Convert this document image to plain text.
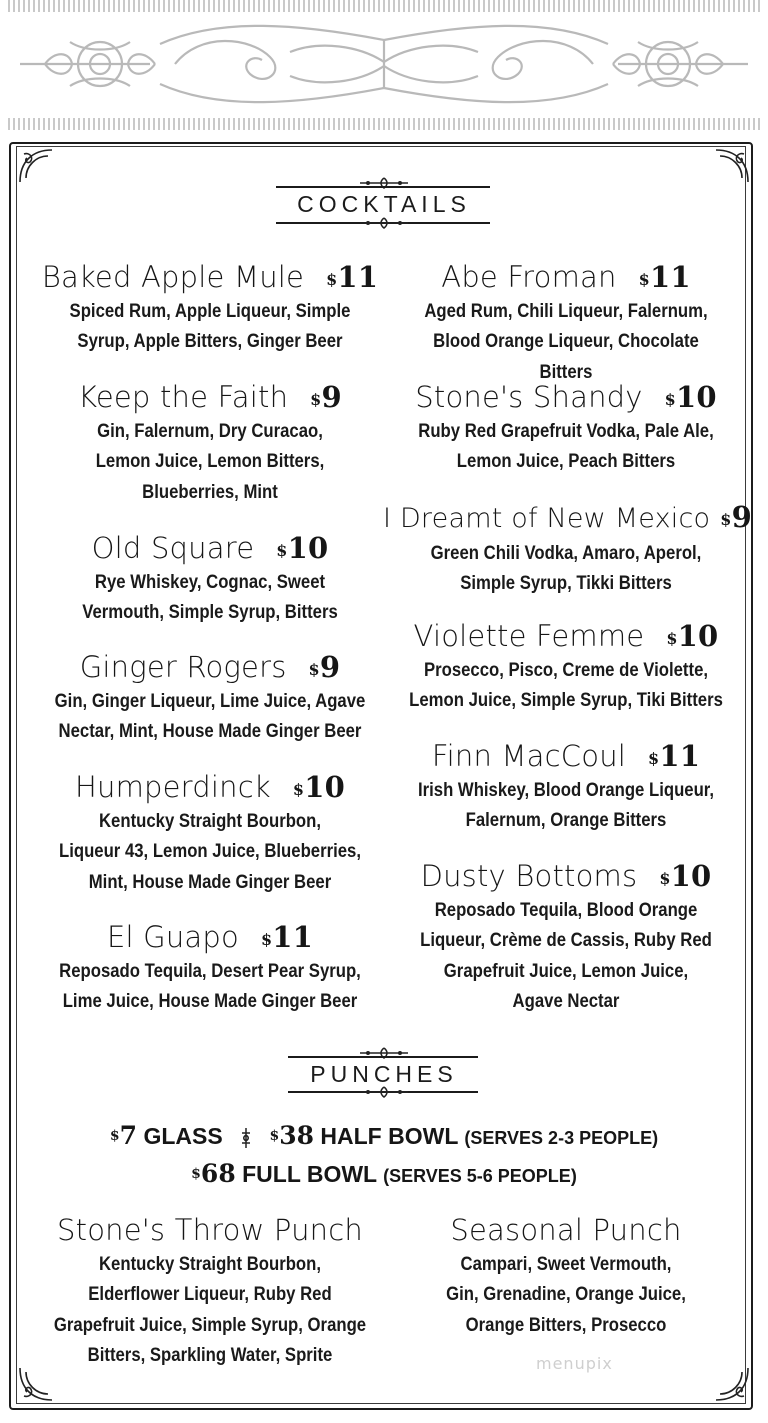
COCKTAILS
Baked Apple Mule $11
Spiced Rum, Apple Liqueur, Simple
Syrup, Apple Bitters, Ginger Beer
Keep the Faith $9
Gin, Falernum, Dry Curacao,
Lemon Juice, Lemon Bitters,
Blueberries, Mint
Old Square $10
Rye Whiskey, Cognac, Sweet
Vermouth, Simple Syrup, Bitters
Ginger Rogers $9
Gin, Ginger Liqueur, Lime Juice, Agave
Nectar, Mint, House Made Ginger Beer
Humperdinck $10
Kentucky Straight Bourbon,
Liqueur 43, Lemon Juice, Blueberries,
Mint, House Made Ginger Beer
El Guapo $11
Reposado Tequila, Desert Pear Syrup,
Lime Juice, House Made Ginger Beer
Abe Froman $11
Aged Rum, Chili Liqueur, Falernum,
Blood Orange Liqueur, Chocolate Bitters
Stone's Shandy $10
Ruby Red Grapefruit Vodka, Pale Ale,
Lemon Juice, Peach Bitters
I Dreamt of New Mexico $9
Green Chili Vodka, Amaro, Aperol,
Simple Syrup, Tikki Bitters
Violette Femme $10
Prosecco, Pisco, Creme de Violette,
Lemon Juice, Simple Syrup, Tiki Bitters
Finn MacCoul $11
Irish Whiskey, Blood Orange Liqueur,
Falernum, Orange Bitters
Dusty Bottoms $10
Reposado Tequila, Blood Orange
Liqueur, Crème de Cassis, Ruby Red
Grapefruit Juice, Lemon Juice,
Agave Nectar
PUNCHES
$7 GLASS	$38 HALF BOWL (SERVES 2-3 PEOPLE)
$68 FULL BOWL (SERVES 5-6 PEOPLE)
Stone's Throw Punch
Kentucky Straight Bourbon,
Elderflower Liqueur, Ruby Red
Grapefruit Juice, Simple Syrup, Orange
Bitters, Sparkling Water, Sprite
Seasonal Punch
Campari, Sweet Vermouth,
Gin, Grenadine, Orange Juice,
Orange Bitters, Prosecco
menupix
